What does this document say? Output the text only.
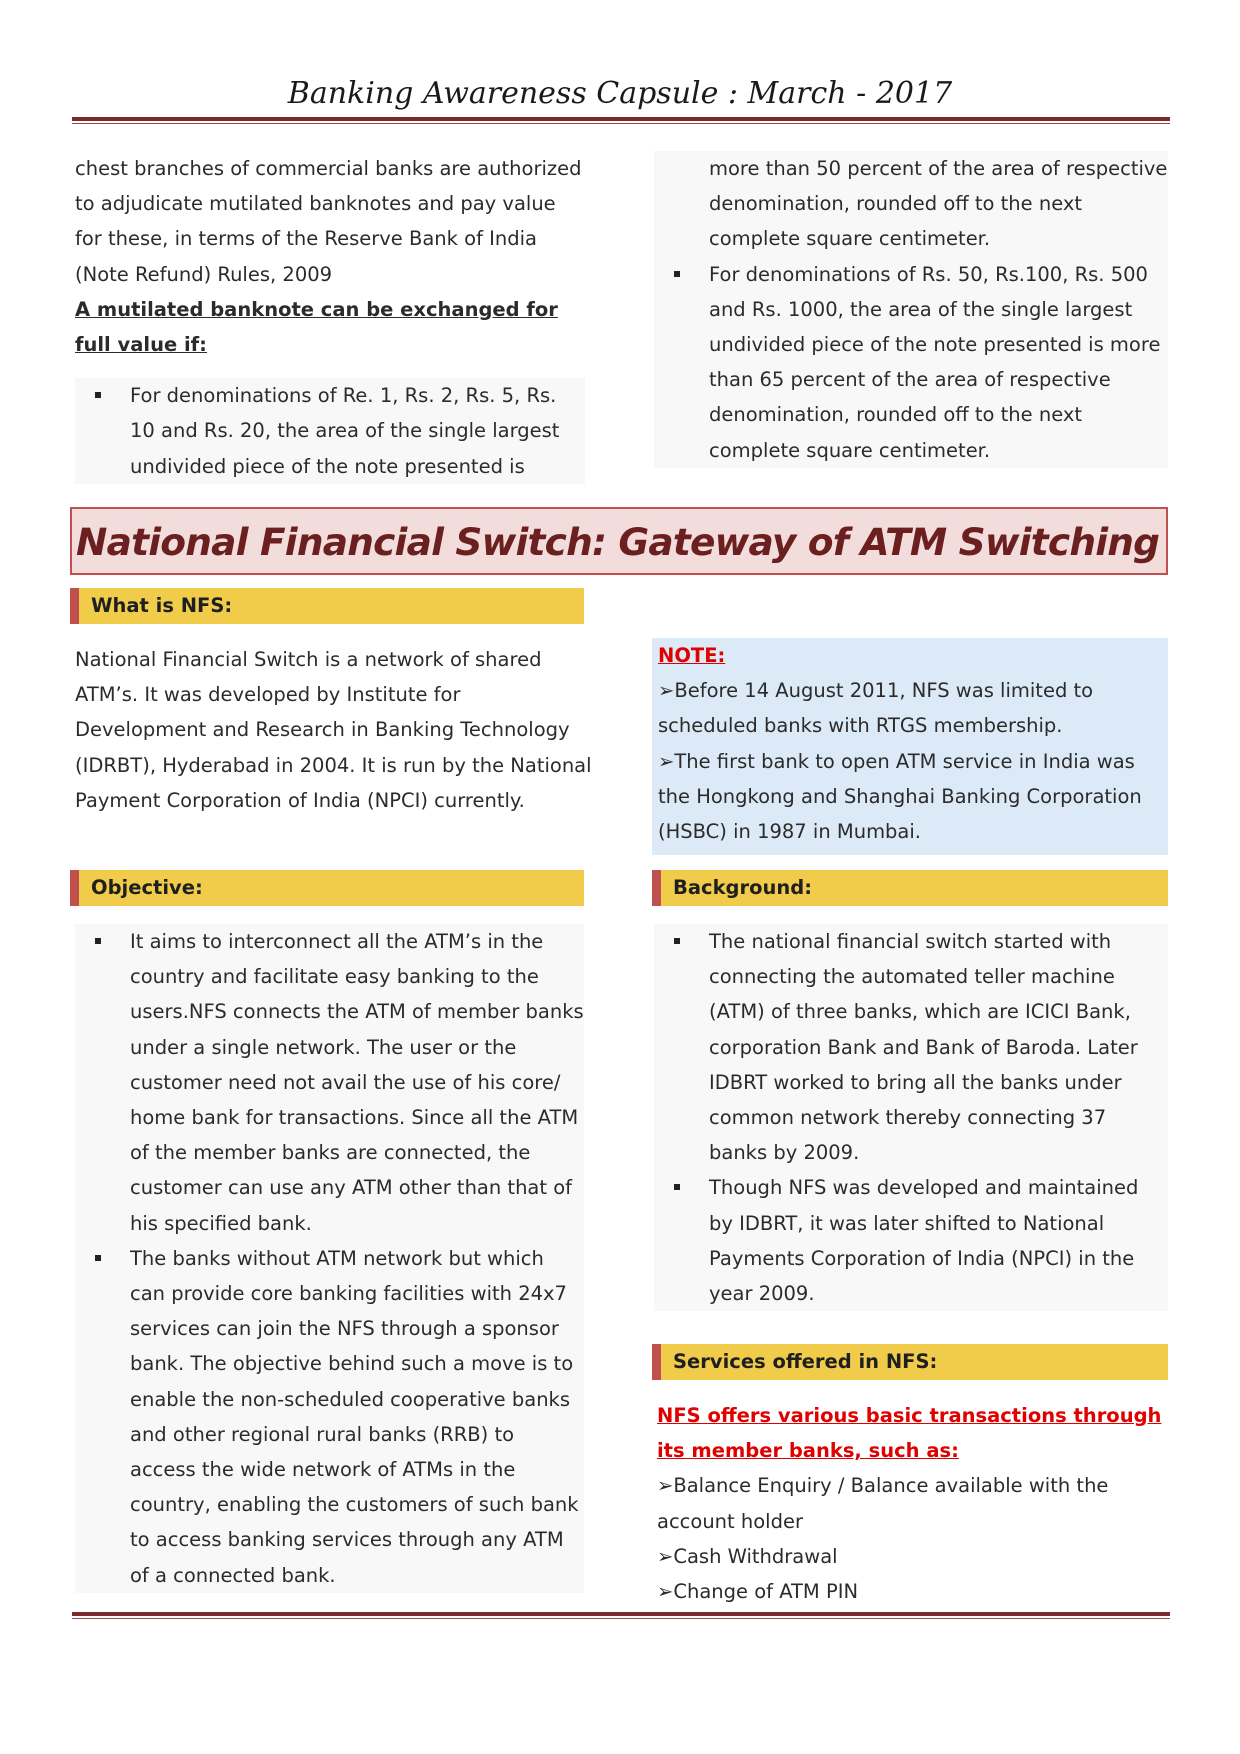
Banking Awareness Capsule : March - 2017

chest branches of commercial banks are authorized to adjudicate mutilated banknotes and pay value for these, in terms of the Reserve Bank of India (Note Refund) Rules, 2009

A mutilated banknote can be exchanged for full value if:

For denominations of Re. 1, Rs. 2, Rs. 5, Rs. 10 and Rs. 20, the area of the single largest undivided piece of the note presented is

more than 50 percent of the area of respective denomination, rounded off to the next complete square centimeter.

For denominations of Rs. 50, Rs.100, Rs. 500 and Rs. 1000, the area of the single largest undivided piece of the note presented is more than 65 percent of the area of respective denomination, rounded off to the next complete square centimeter.
National Financial Switch: Gateway of ATM Switching
What is NFS:

National Financial Switch is a network of shared ATM’s. It was developed by Institute for Development and Research in Banking Technology (IDRBT), Hyderabad in 2004. It is run by the National Payment Corporation of India (NPCI) currently.

NOTE:

➢Before 14 August 2011, NFS was limited to scheduled banks with RTGS membership.

➢The first bank to open ATM service in India was the Hongkong and Shanghai Banking Corporation (HSBC) in 1987 in Mumbai.

Objective:
It aims to interconnect all the ATM’s in the country and facilitate easy banking to the users.NFS connects the ATM of member banks under a single network. The user or the customer need not avail the use of his core/ home bank for transactions. Since all the ATM of the member banks are connected, the customer can use any ATM other than that of his specified bank.
The banks without ATM network but which can provide core banking facilities with 24x7 services can join the NFS through a sponsor bank. The objective behind such a move is to enable the non-scheduled cooperative banks and other regional rural banks (RRB) to access the wide network of ATMs in the country, enabling the customers of such bank to access banking services through any ATM of a connected bank.
Background:
The national financial switch started with connecting the automated teller machine (ATM) of three banks, which are ICICI Bank, corporation Bank and Bank of Baroda. Later IDBRT worked to bring all the banks under common network thereby connecting 37 banks by 2009.
Though NFS was developed and maintained by IDBRT, it was later shifted to National Payments Corporation of India (NPCI) in the year 2009.
Services offered in NFS:

NFS offers various basic transactions through its member banks, such as:

➢Balance Enquiry / Balance available with the account holder

➢Cash Withdrawal

➢Change of ATM PIN
